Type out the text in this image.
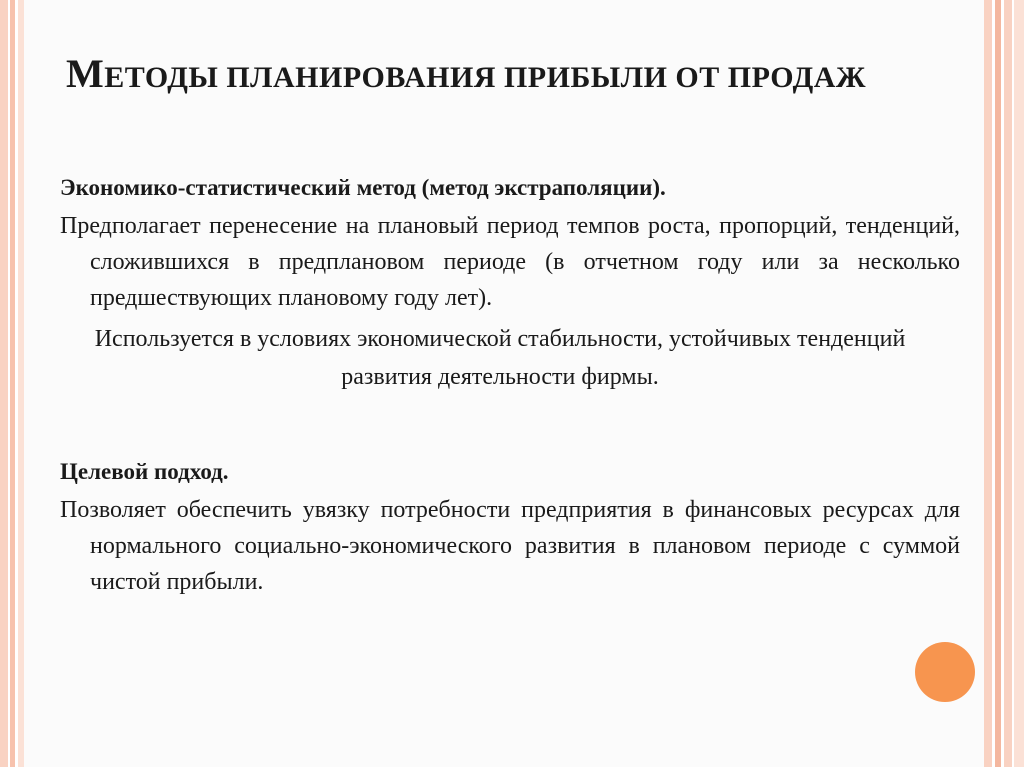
МЕТОДЫ ПЛАНИРОВАНИЯ ПРИБЫЛИ ОТ ПРОДАЖ

Экономико-статистический метод (метод экстраполяции).

Предполагает перенесение на плановый период темпов роста, пропорций, тенденций, сложившихся в предплановом периоде (в отчетном году или за несколько предшествующих плановому году лет).

Используется в условиях экономической стабильности, устойчивых тенденций развития деятельности фирмы.

Целевой подход.

Позволяет обеспечить увязку потребности предприятия в финансовых ресурсах для нормального социально-экономического развития в плановом периоде с суммой чистой прибыли.
